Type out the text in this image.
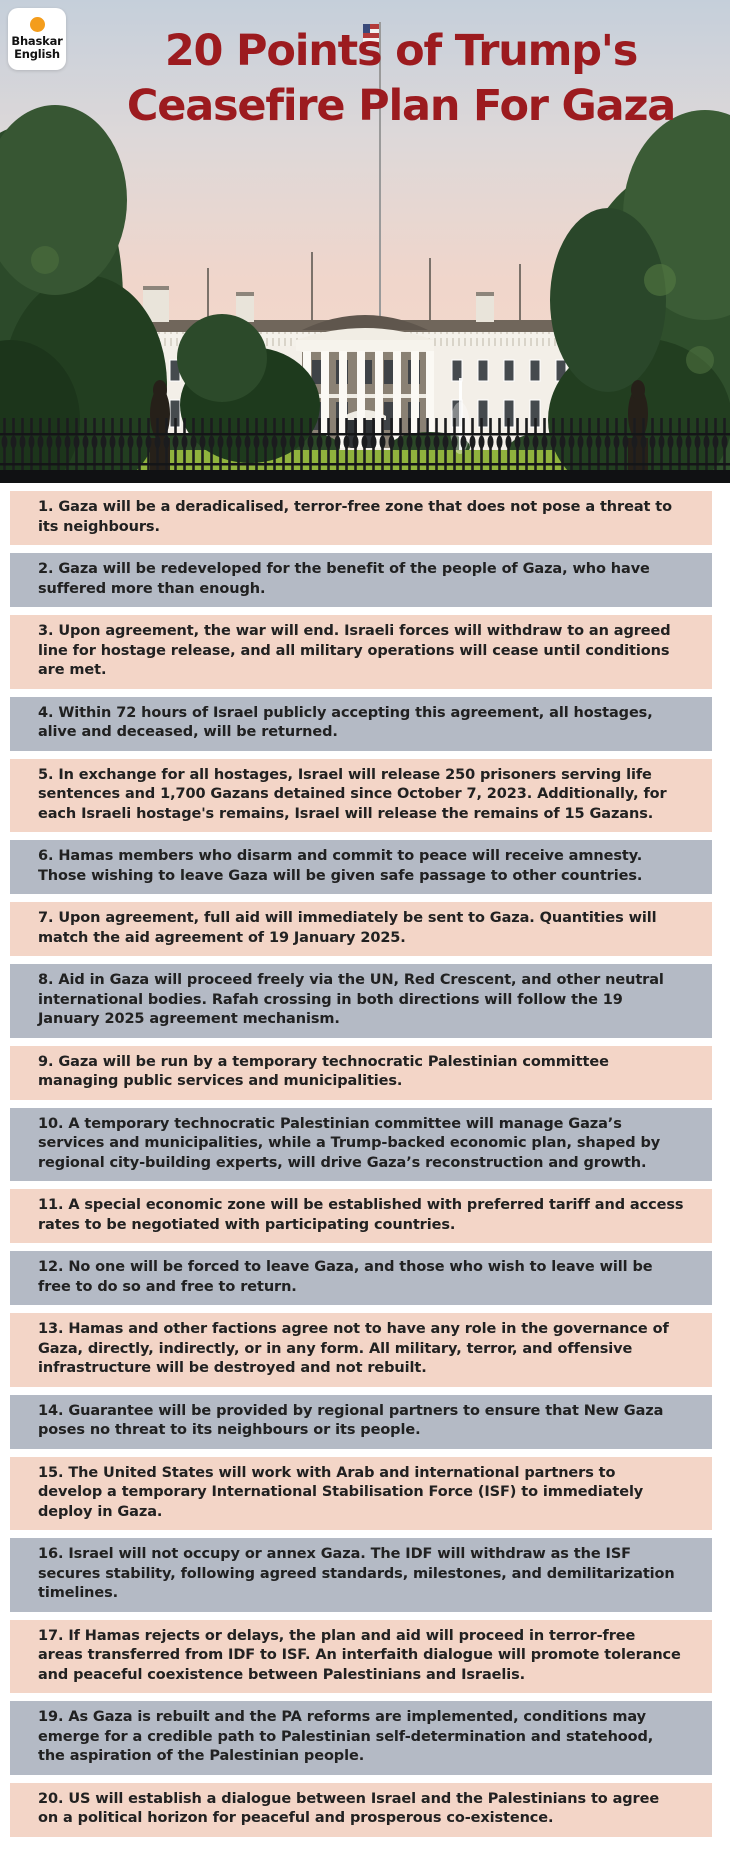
Bhaskar
English	20 Points of Trump's
Ceasefire Plan For Gaza
1. Gaza will be a deradicalised, terror-free zone that does not pose a threat to its neighbours.
2. Gaza will be redeveloped for the benefit of the people of Gaza, who have suffered more than enough.
3. Upon agreement, the war will end. Israeli forces will withdraw to an agreed line for hostage release, and all military operations will cease until conditions are met.
4. Within 72 hours of Israel publicly accepting this agreement, all hostages, alive and deceased, will be returned.
5. In exchange for all hostages, Israel will release 250 prisoners serving life sentences and 1,700 Gazans detained since October 7, 2023. Additionally, for each Israeli hostage's remains, Israel will release the remains of 15 Gazans.
6. Hamas members who disarm and commit to peace will receive amnesty. Those wishing to leave Gaza will be given safe passage to other countries.
7. Upon agreement, full aid will immediately be sent to Gaza. Quantities will match the aid agreement of 19 January 2025.
8. Aid in Gaza will proceed freely via the UN, Red Crescent, and other neutral international bodies. Rafah crossing in both directions will follow the 19 January 2025 agreement mechanism.
9. Gaza will be run by a temporary technocratic Palestinian committee managing public services and municipalities.
10. A temporary technocratic Palestinian committee will manage Gaza’s services and municipalities, while a Trump-backed economic plan, shaped by regional city-building experts, will drive Gaza’s reconstruction and growth.
11. A special economic zone will be established with preferred tariff and access rates to be negotiated with participating countries.
12. No one will be forced to leave Gaza, and those who wish to leave will be free to do so and free to return.
13. Hamas and other factions agree not to have any role in the governance of Gaza, directly, indirectly, or in any form. All military, terror, and offensive infrastructure will be destroyed and not rebuilt.
14. Guarantee will be provided by regional partners to ensure that New Gaza poses no threat to its neighbours or its people.
15. The United States will work with Arab and international partners to develop a temporary International Stabilisation Force (ISF) to immediately deploy in Gaza.
16. Israel will not occupy or annex Gaza. The IDF will withdraw as the ISF secures stability, following agreed standards, milestones, and demilitarization timelines.
17. If Hamas rejects or delays, the plan and aid will proceed in terror-free areas transferred from IDF to ISF. An interfaith dialogue will promote tolerance and peaceful coexistence between Palestinians and Israelis.
19. As Gaza is rebuilt and the PA reforms are implemented, conditions may emerge for a credible path to Palestinian self-determination and statehood, the aspiration of the Palestinian people.
20. US will establish a dialogue between Israel and the Palestinians to agree on a political horizon for peaceful and prosperous co-existence.
